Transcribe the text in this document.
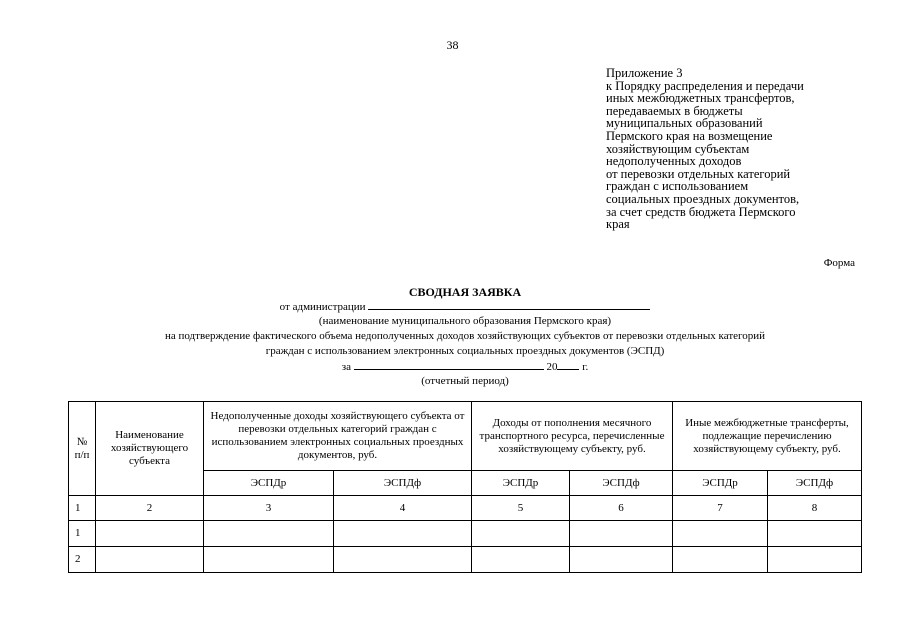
38
Приложение 3
к Порядку распределения и передачи
иных межбюджетных трансфертов,
передаваемых в бюджеты
муниципальных образований
Пермского края на возмещение
хозяйствующим субъектам
недополученных доходов
от перевозки отдельных категорий
граждан с использованием
социальных проездных документов,
за счет средств бюджета Пермского
края
Форма
СВОДНАЯ ЗАЯВКА
от администрации
(наименование муниципального образования Пермского края)
на подтверждение фактического объема недополученных доходов хозяйствующих субъектов от перевозки отдельных категорий
граждан с использованием электронных социальных проездных документов (ЭСПД)
за	20 г.
(отчетный период)
№ п/п	Наименование хозяйствующего субъекта	Недополученные доходы хозяйствующего субъекта от перевозки отдельных категорий граждан с использованием электронных социальных проездных документов, руб.		Доходы от пополнения месячного транспортного ресурса, перечисленные хозяйствующему субъекту, руб.		Иные межбюджетные трансферты, подлежащие перечислению хозяйствующему субъекту, руб.	
		ЭСПДр	ЭСПДф	ЭСПДр	ЭСПДф	ЭСПДр	ЭСПДф
1	2	3	4	5	6	7	8
1							
2							
